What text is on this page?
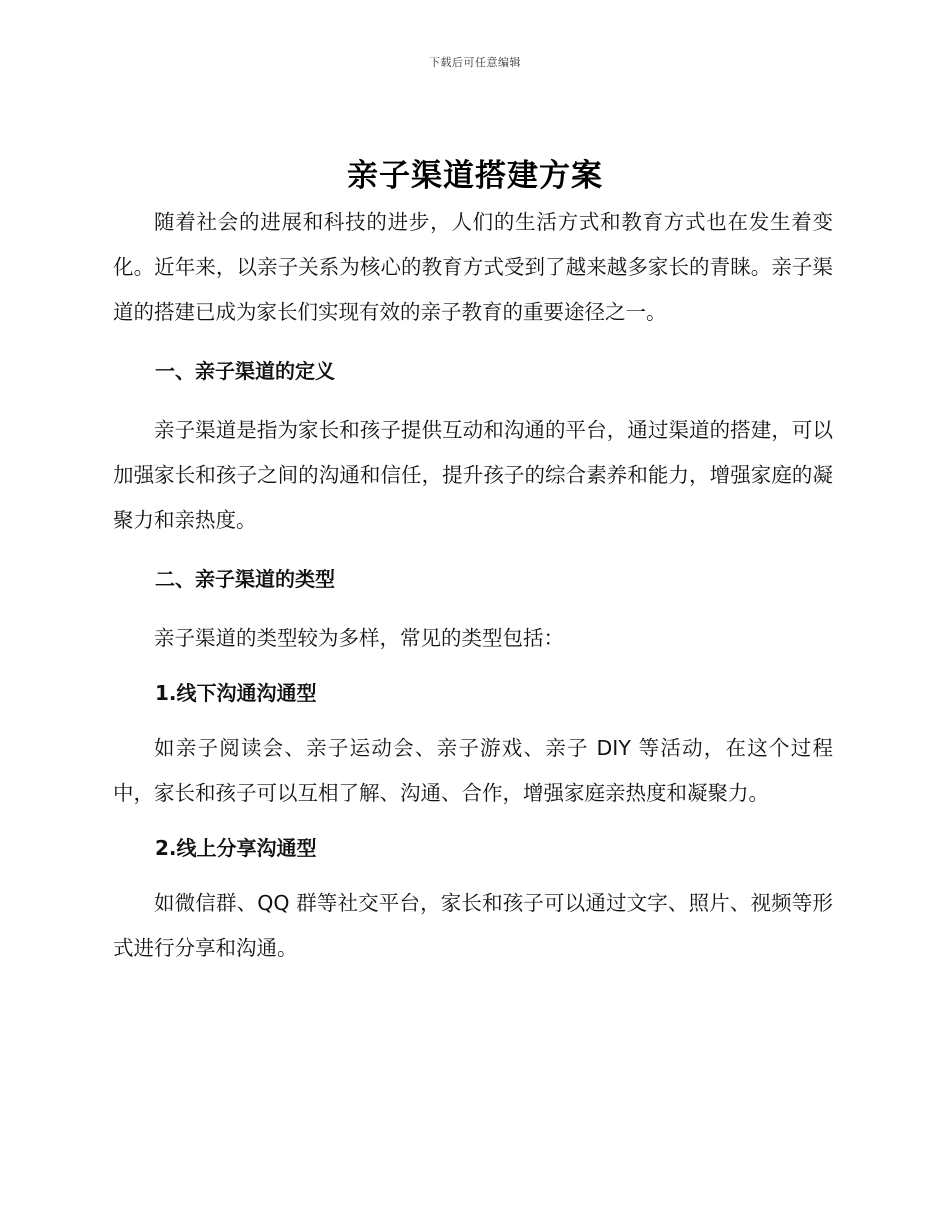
下载后可任意编辑
亲子渠道搭建方案

随着社会的进展和科技的进步，人们的生活方式和教育方式也在发生着变化。近年来，以亲子关系为核心的教育方式受到了越来越多家长的青睐。亲子渠道的搭建已成为家长们实现有效的亲子教育的重要途径之一。

一、亲子渠道的定义

亲子渠道是指为家长和孩子提供互动和沟通的平台，通过渠道的搭建，可以加强家长和孩子之间的沟通和信任，提升孩子的综合素养和能力，增强家庭的凝聚力和亲热度。

二、亲子渠道的类型

亲子渠道的类型较为多样，常见的类型包括：

1.线下沟通沟通型

如亲子阅读会、亲子运动会、亲子游戏、亲子 DIY 等活动，在这个过程中，家长和孩子可以互相了解、沟通、合作，增强家庭亲热度和凝聚力。

2.线上分享沟通型

如微信群、QQ 群等社交平台，家长和孩子可以通过文字、照片、视频等形式进行分享和沟通。
